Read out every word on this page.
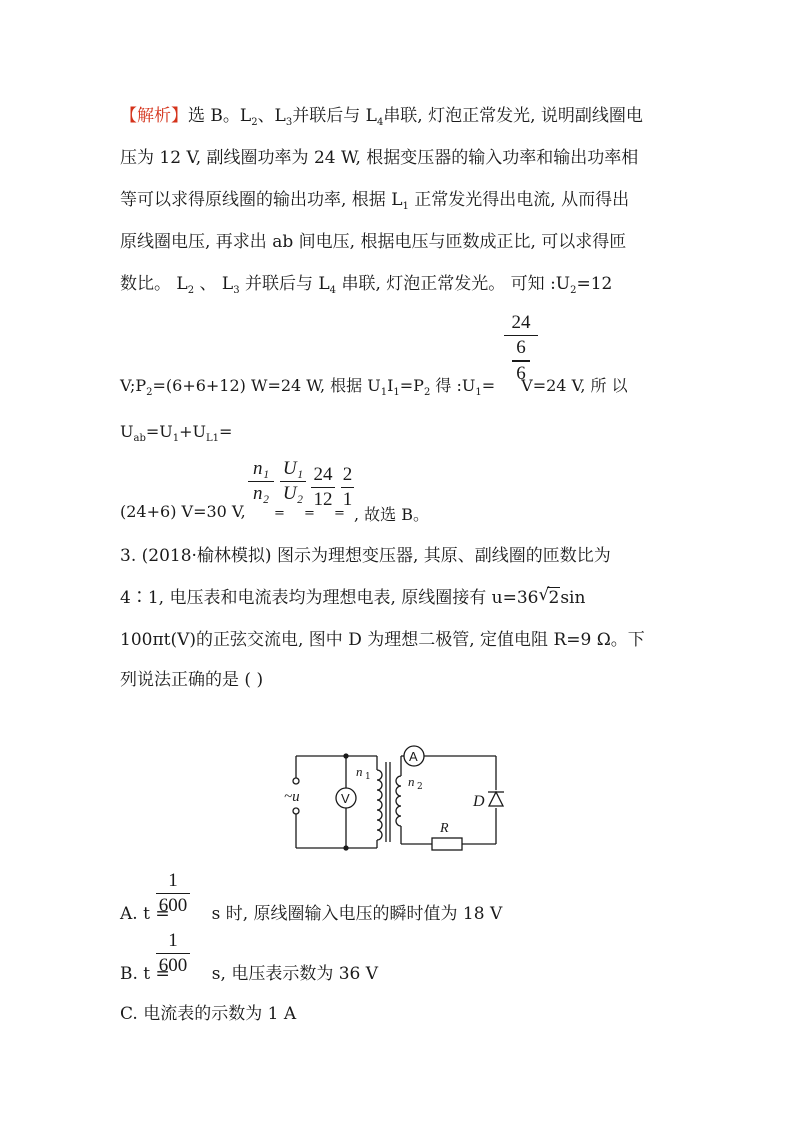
【解析】选 B。$L_2$、$L_3$并联后与 $L_4$串联, 灯泡正常发光, 说明副线圈电
压为 12 V, 副线圈功率为 24 W, 根据变压器的输入功率和输出功率相
等可以求得原线圈的输出功率, 根据 $L_1$ 正常发光得出电流, 从而得出
原线圈电压, 再求出 ab 间电压, 根据电压与匝数成正比, 可以求得匝
数比。 $L_2$ 、 $L_3$ 并联后与 $L_4$ 串联, 灯泡正常发光。 可知 $:U_2=12$
24
6
6
$V;P_2=(6+6+12)$ W=24 W, 根据 $U_1I_1=P_2$ 得 $:U_1= V=24$ V, 所 以
$U_{ab}=U_1+U_{L1}=$
n₁
n₂
U₁
U₂
24
12
2
1
(24+6) V=30 V, = = = , 故选 B。
3. (2018·榆林模拟) 图示为理想变压器, 其原、副线圈的匝数比为
4∶1, 电压表和电流表均为理想电表, 原线圈接有 u=36 √ 2sin
100πt(V)的正弦交流电, 图中 D 为理想二极管, 定值电阻 R=9 Ω。下
列说法正确的是 ( )
~u	V
A
n 1	n 2
D
R
1
600
A. t = s 时, 原线圈输入电压的瞬时值为 18 V
1
600
B. t = s, 电压表示数为 36 V
C. 电流表的示数为 1 A
